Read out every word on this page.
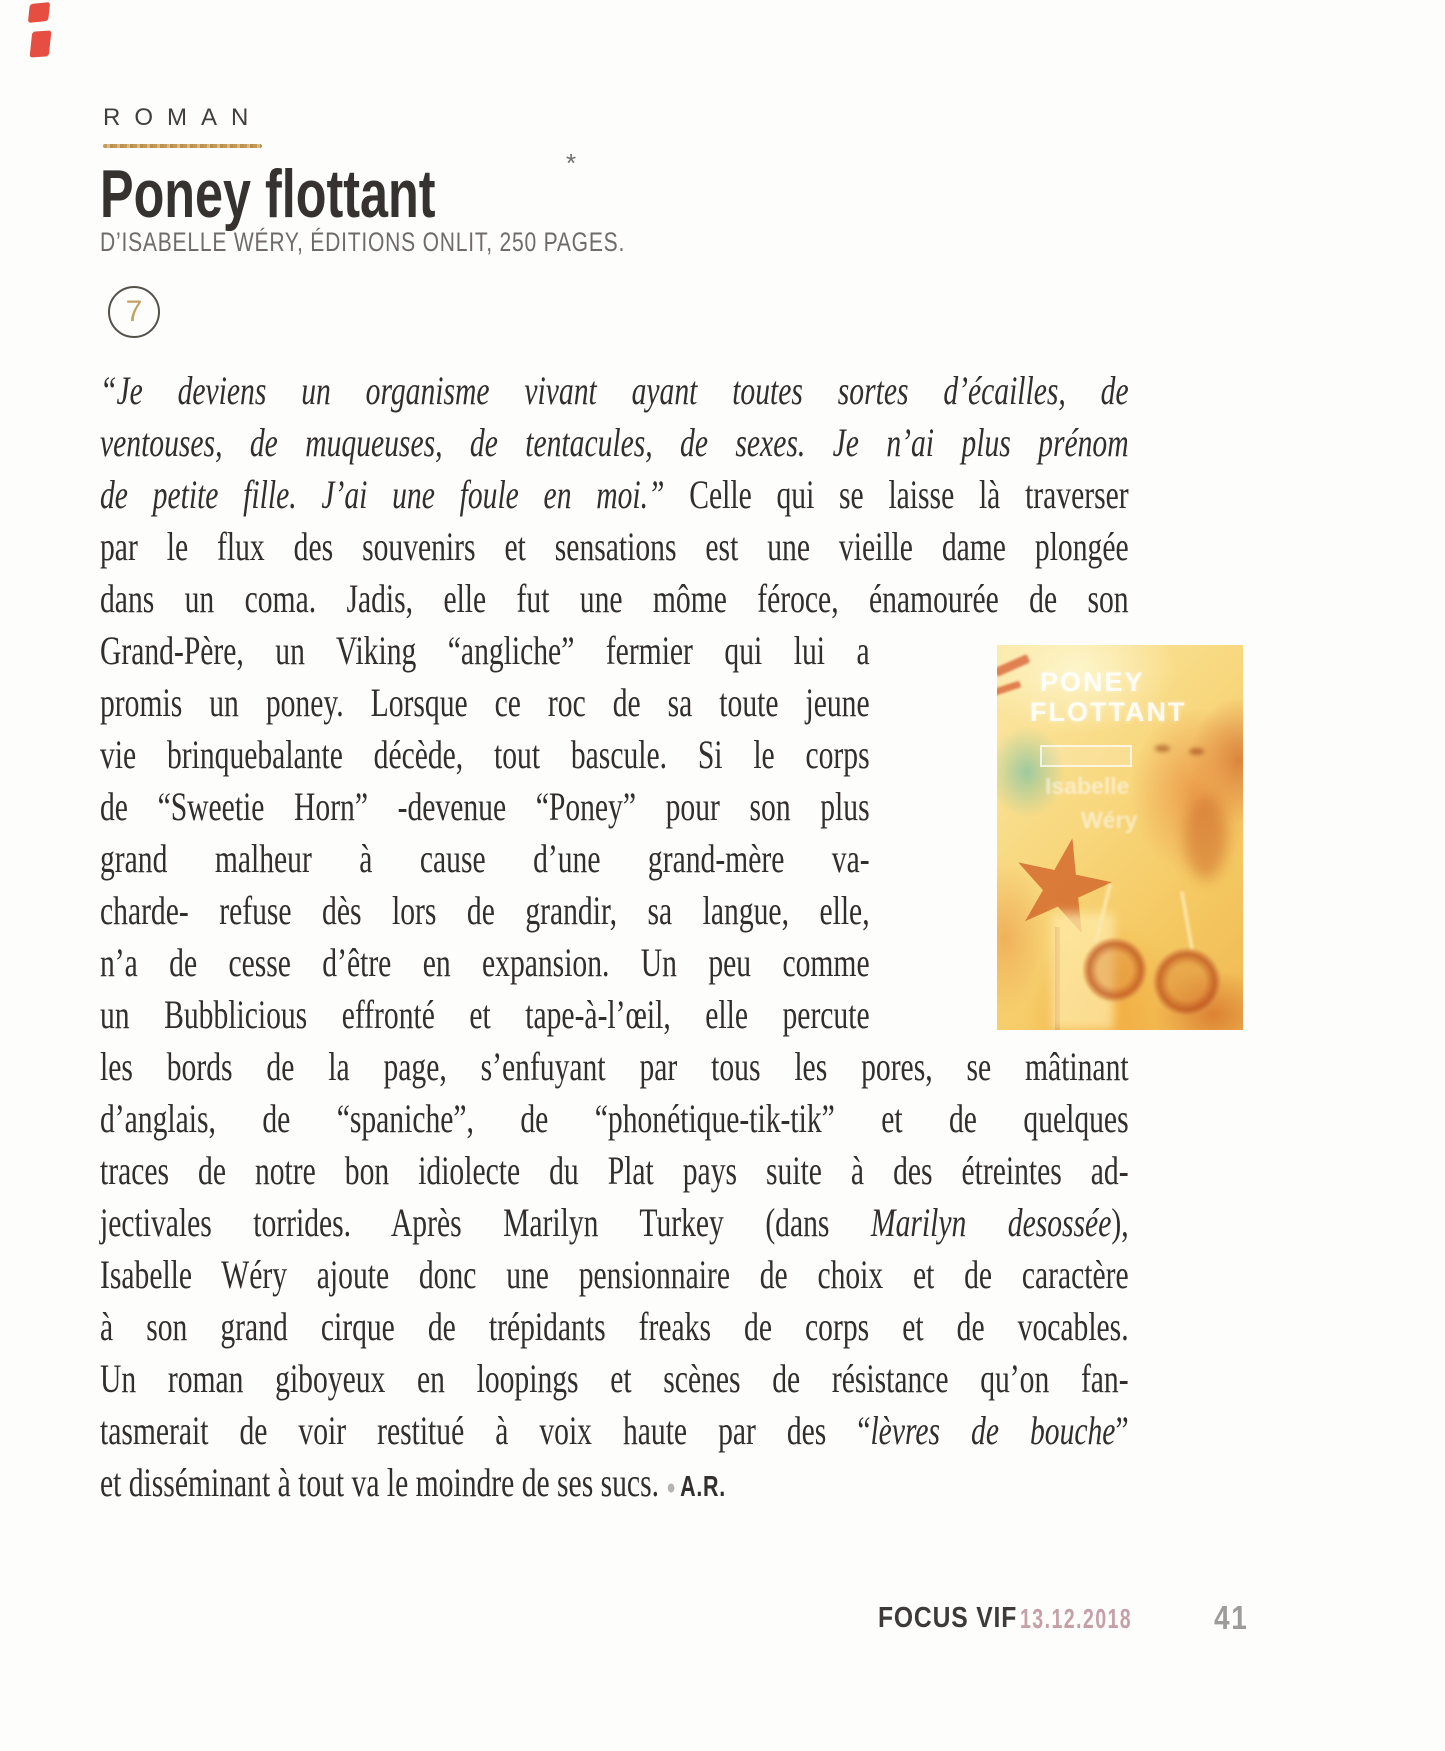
ROMAN
Poney flottant	*
D’ISABELLE WÉRY, ÉDITIONS ONLIT, 250 PAGES.
7
“Je deviens un organisme vivant ayant toutes sortes d’écailles, de
ventouses, de muqueuses, de tentacules, de sexes. Je n’ai plus prénom
de petite fille. J’ai une foule en moi.” Celle qui se laisse là traverser
par le flux des souvenirs et sensations est une vieille dame plongée
dans un coma. Jadis, elle fut une môme féroce, énamourée de son
Grand-Père, un Viking “angliche” fermier qui lui a
promis un poney. Lorsque ce roc de sa toute jeune
vie brinquebalante décède, tout bascule. Si le corps
de “Sweetie Horn” -devenue “Poney” pour son plus
grand malheur à cause d’une grand-mère va-
charde- refuse dès lors de grandir, sa langue, elle,
n’a de cesse d’être en expansion. Un peu comme
un Bubblicious effronté et tape-à-l’œil, elle percute
les bords de la page, s’enfuyant par tous les pores, se mâtinant
d’anglais, de “spaniche”, de “phonétique-tik-tik” et de quelques
traces de notre bon idiolecte du Plat pays suite à des étreintes ad-
jectivales torrides. Après Marilyn Turkey (dans Marilyn desossée),
Isabelle Wéry ajoute donc une pensionnaire de choix et de caractère
à son grand cirque de trépidants freaks de corps et de vocables.
Un roman giboyeux en loopings et scènes de résistance qu’on fan-
tasmerait de voir restitué à voix haute par des “lèvres de bouche”
et disséminant à tout va le moindre de ses sucs. ● A.R.
PONEY
FLOTTANT
Isabelle
Wéry
FOCUS VIF 13.12.2018 41
